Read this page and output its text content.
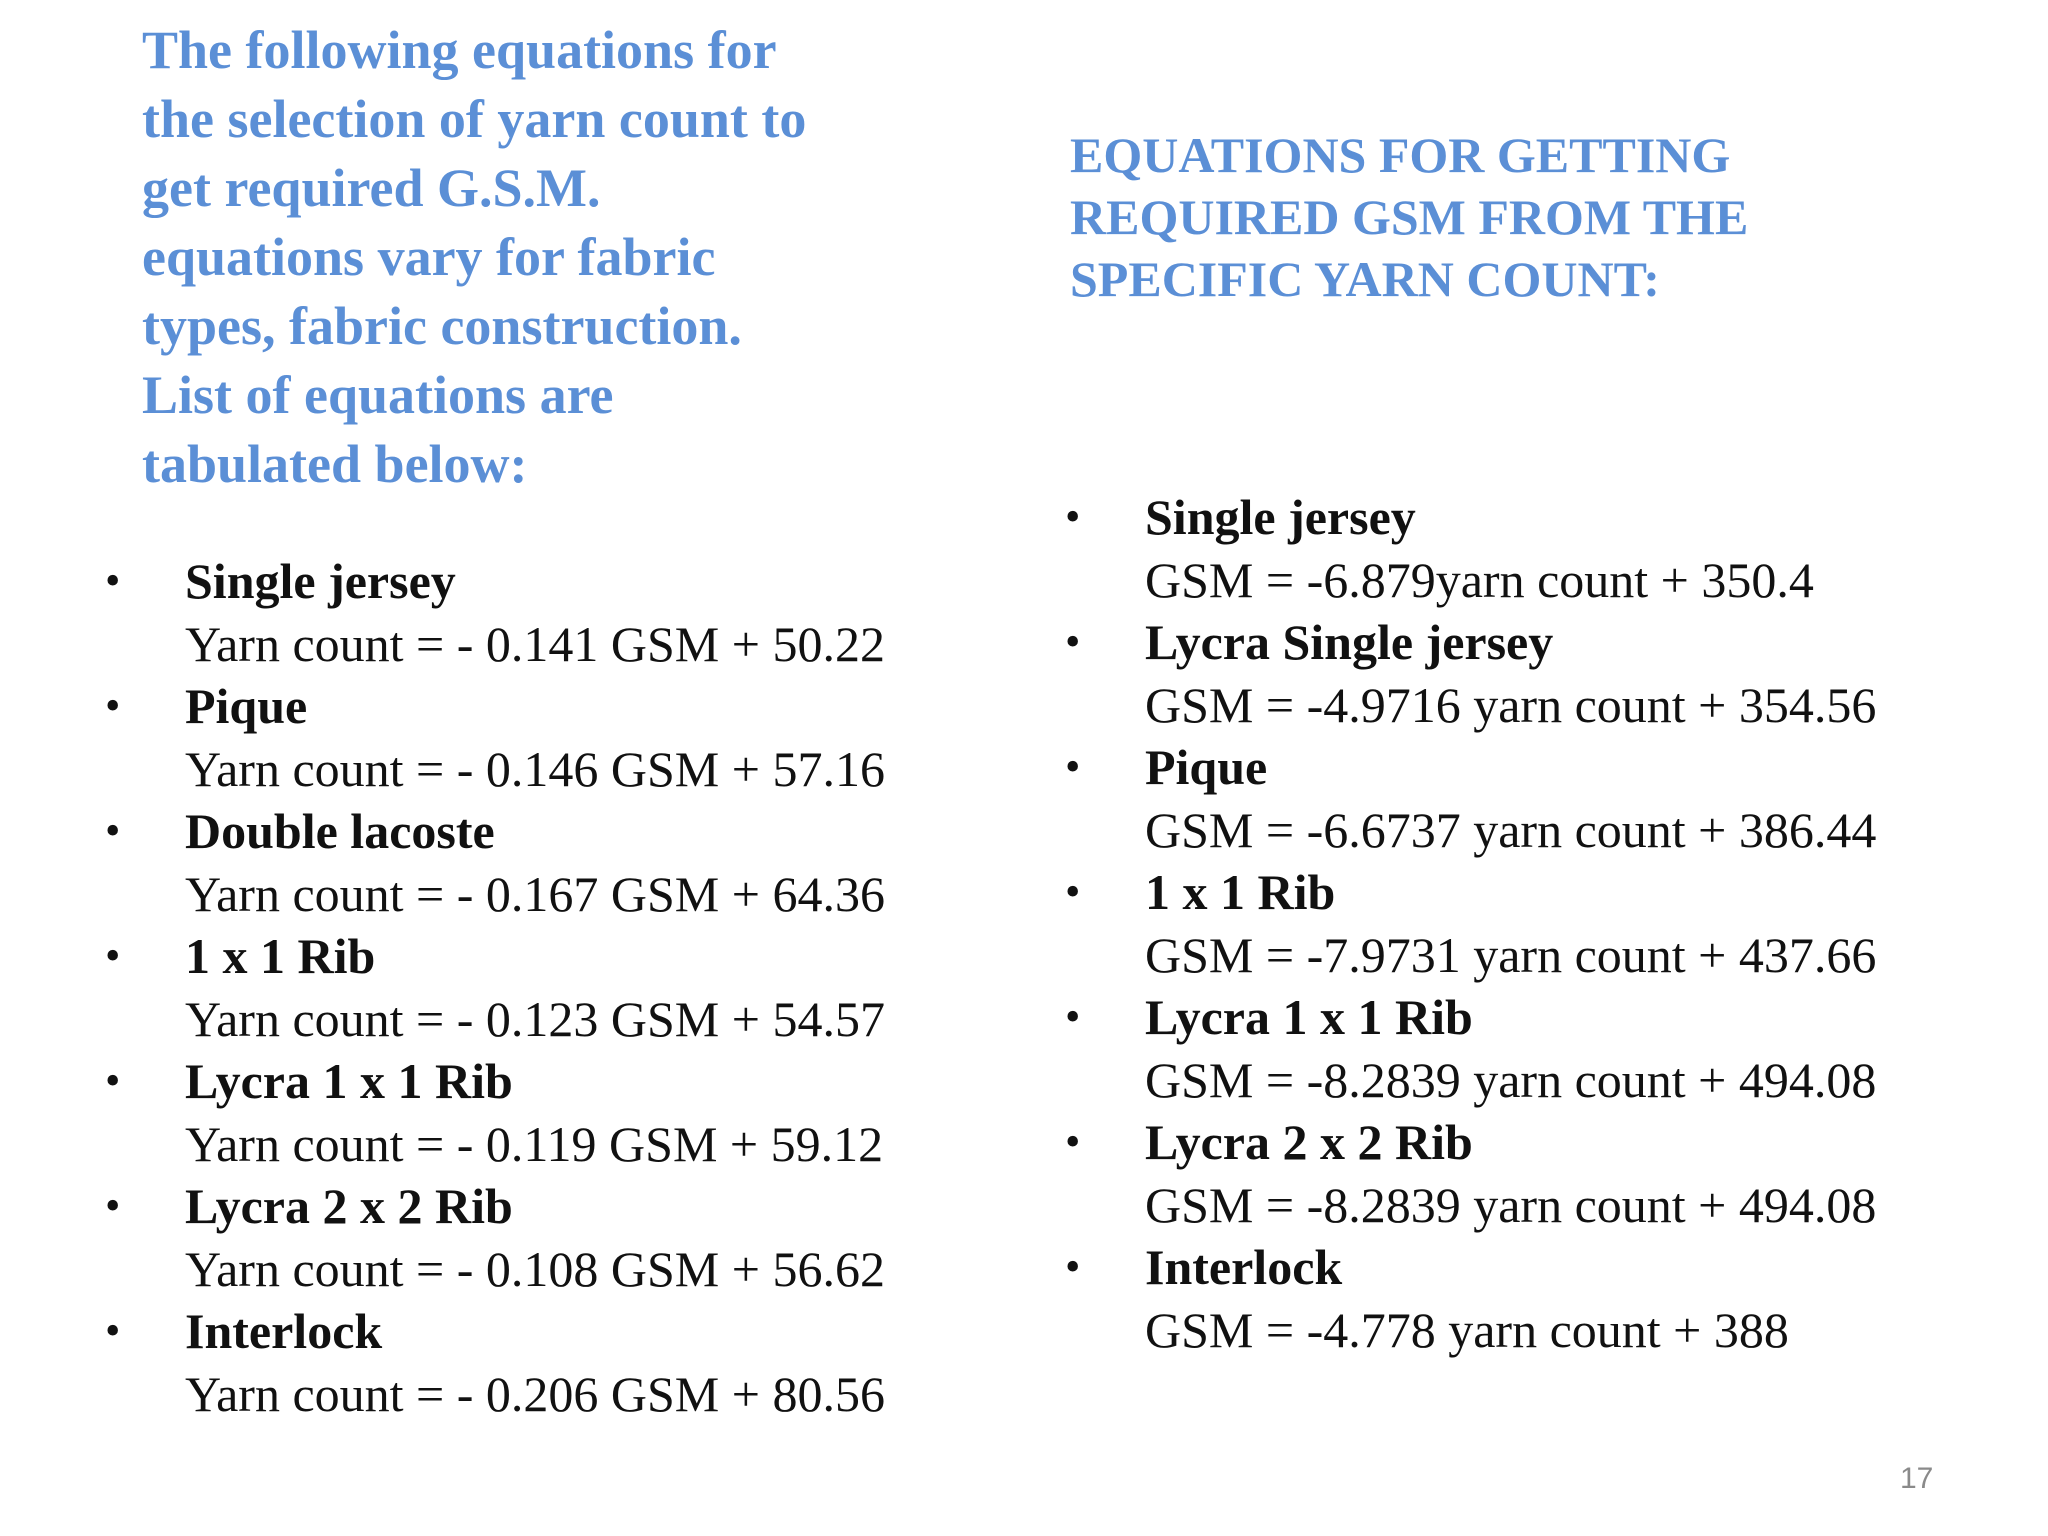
The following equations for
the selection of yarn count to
get required G.S.M.
equations vary for fabric
types, fabric construction.
List of equations are
tabulated below:
EQUATIONS FOR GETTING
REQUIRED GSM FROM THE
SPECIFIC YARN COUNT:
• Single jersey
Yarn count = - 0.141 GSM + 50.22
• Pique
Yarn count = - 0.146 GSM + 57.16
• Double lacoste
Yarn count = - 0.167 GSM + 64.36
• 1 x 1 Rib
Yarn count = - 0.123 GSM + 54.57
• Lycra 1 x 1 Rib
Yarn count = - 0.119 GSM + 59.12
• Lycra 2 x 2 Rib
Yarn count = - 0.108 GSM + 56.62
• Interlock
Yarn count = - 0.206 GSM + 80.56
• Single jersey
GSM = -6.879yarn count + 350.4
• Lycra Single jersey
GSM = -4.9716 yarn count + 354.56
• Pique
GSM = -6.6737 yarn count + 386.44
• 1 x 1 Rib
GSM = -7.9731 yarn count + 437.66
• Lycra 1 x 1 Rib
GSM = -8.2839 yarn count + 494.08
• Lycra 2 x 2 Rib
GSM = -8.2839 yarn count + 494.08
• Interlock
GSM = -4.778 yarn count + 388
17
